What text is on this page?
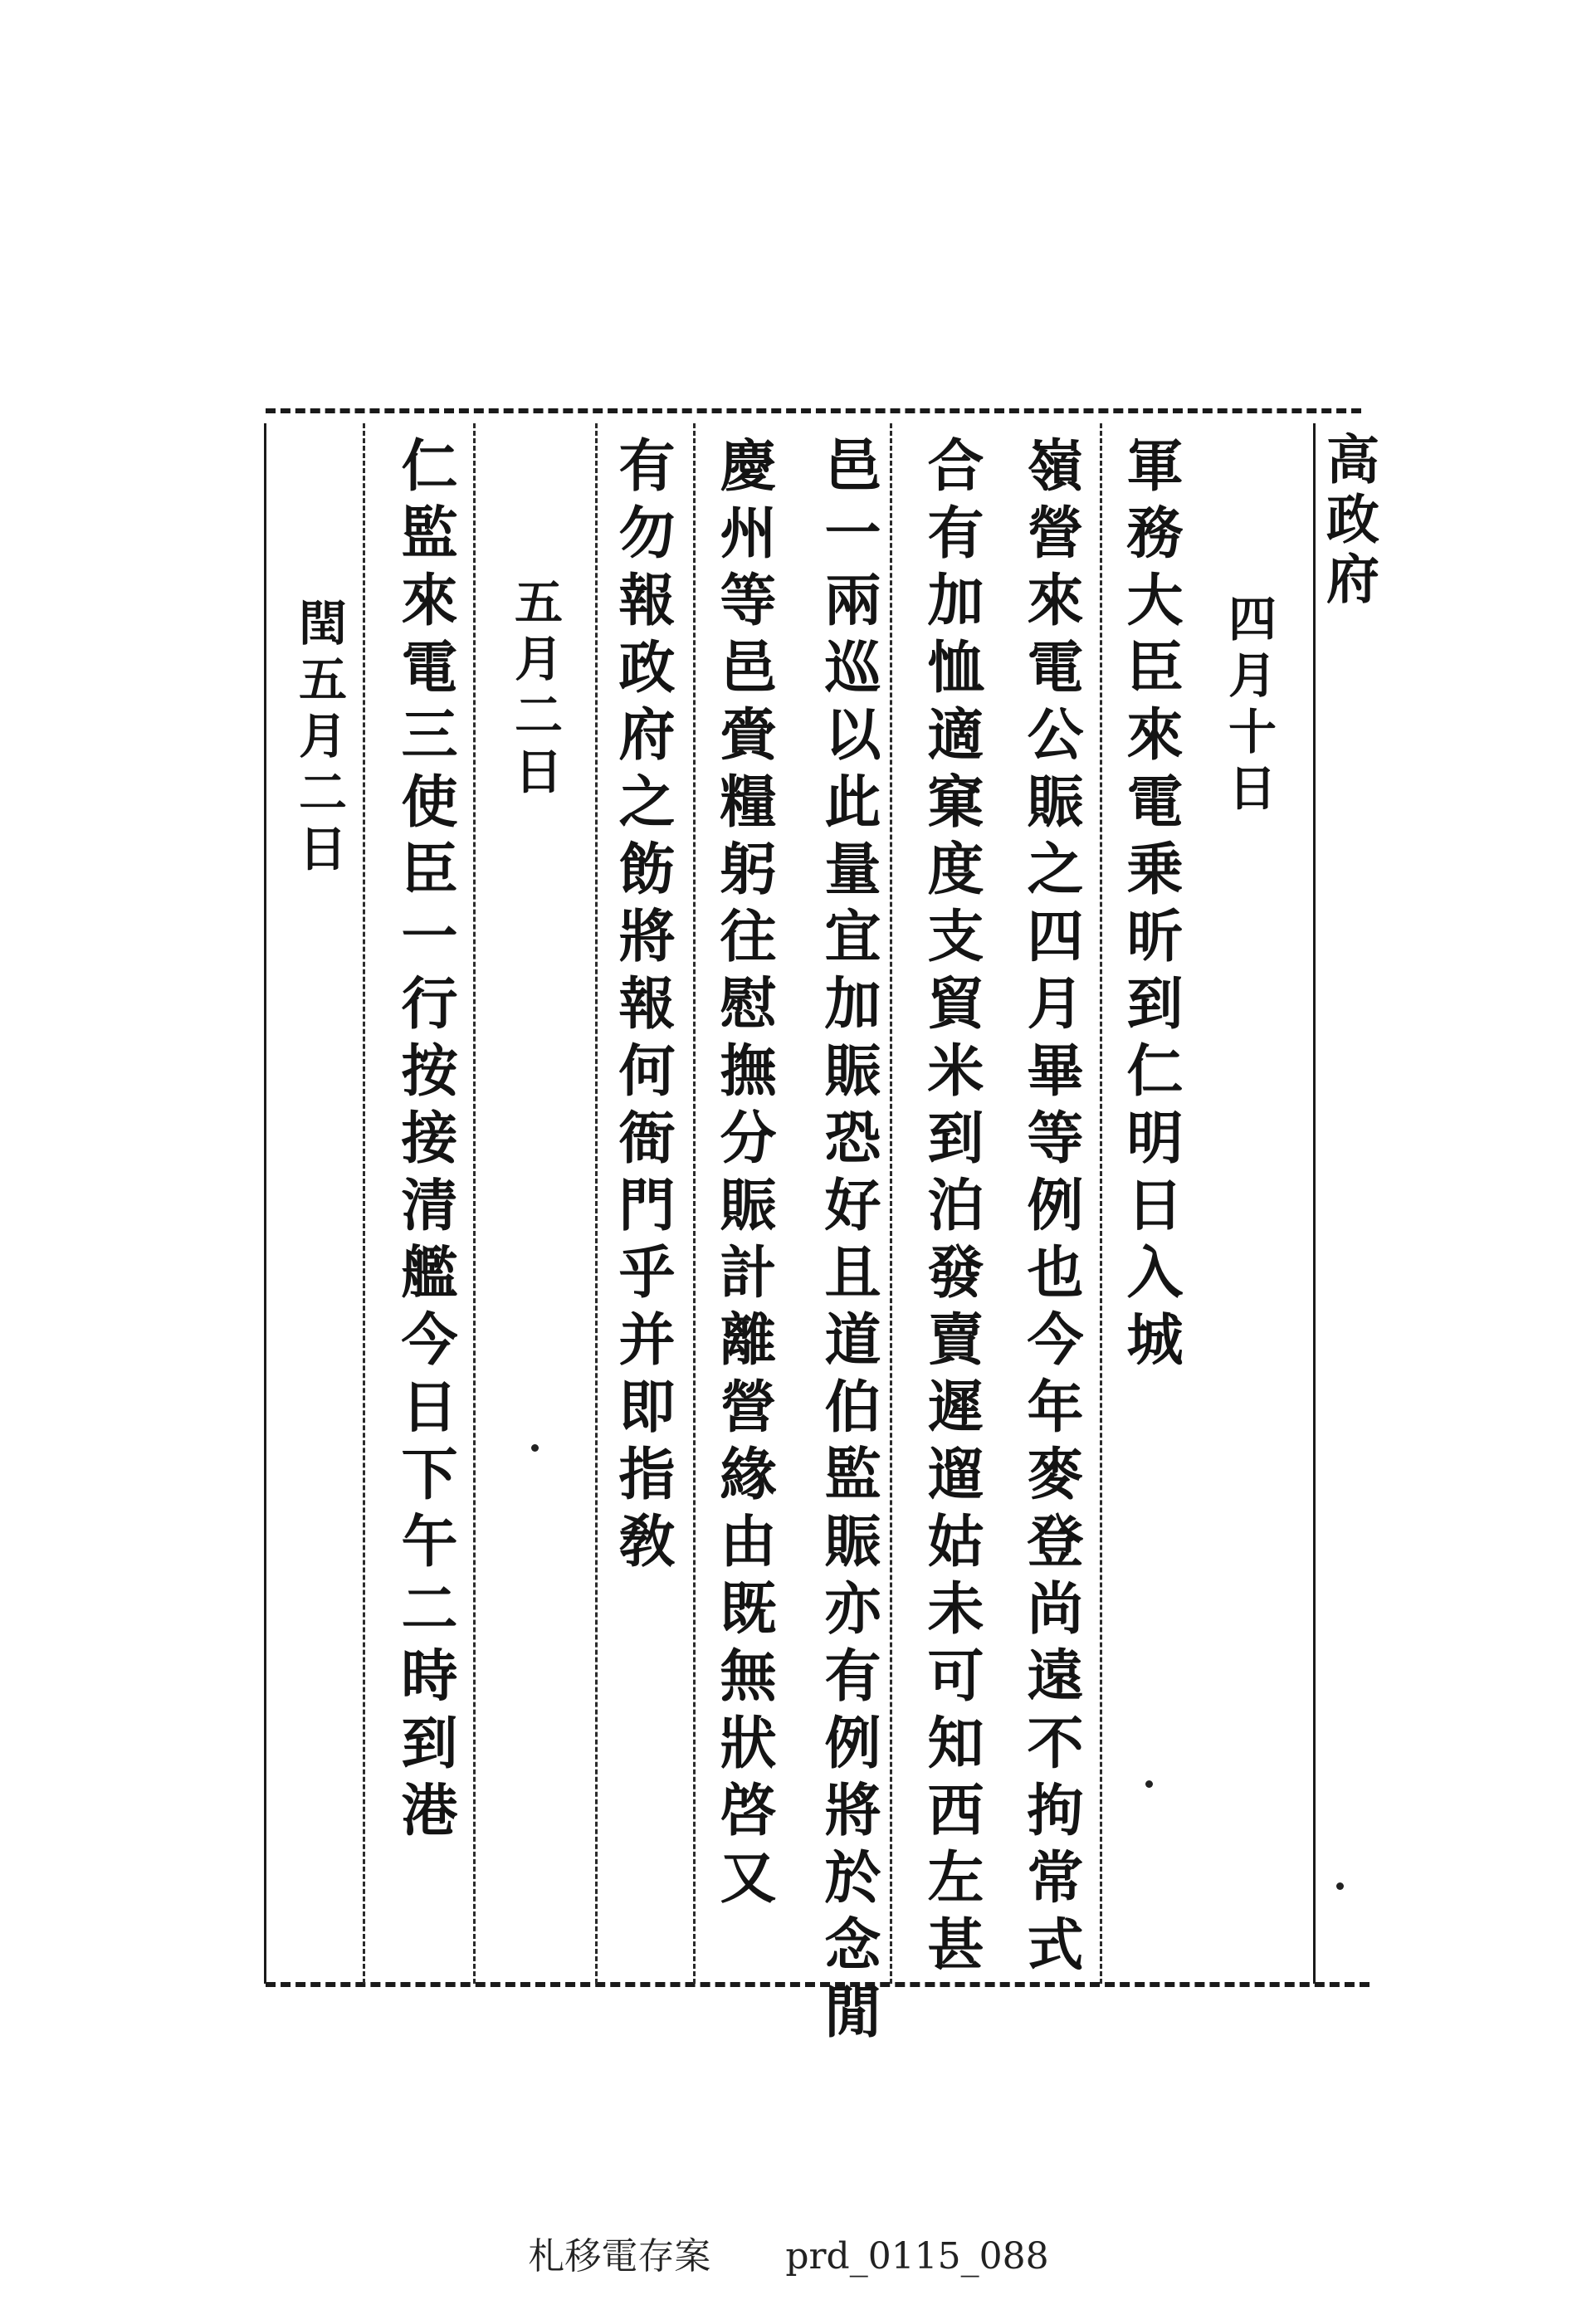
高政府
四月十日
軍務大臣來電乗昕到仁明日入城
嶺營來電公賑之四月畢等例也今年麥登尚遠不拘常式
合有加恤適窠度支貿米到泊發賣遲遛姑未可知西左甚
邑一兩巡以此量宜加賑恐好且道伯監賑亦有例將於念閒
慶州等邑賫糧躬往慰撫分賑計離營緣由既無狀啓又
有勿報政府之飭將報何衙門乎并即指敎
五月二日
仁監來電三使臣一行按接清艦今日下午二時到港
閏五月二日
札移電存案 prd_0115_088
